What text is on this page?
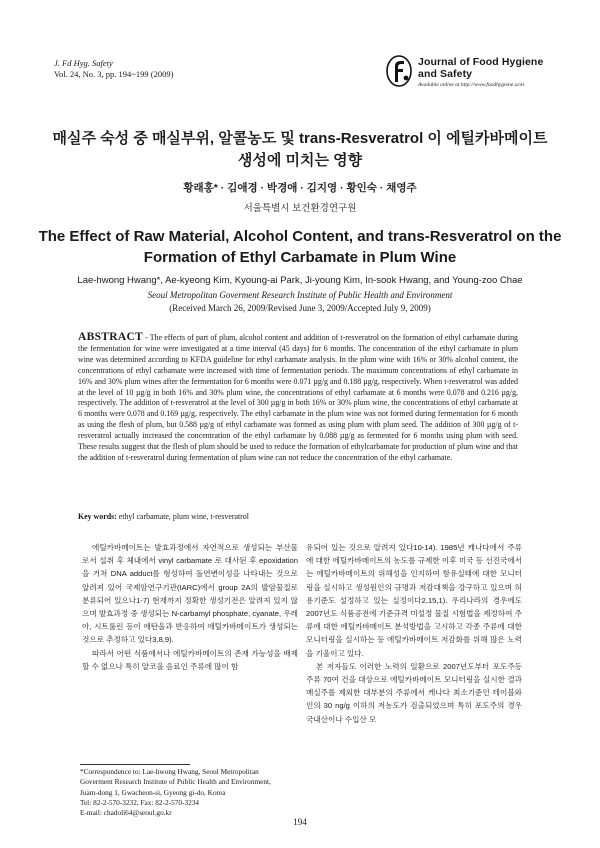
J. Fd Hyg. Safety
Vol. 24, No. 3, pp. 194~199 (2009)
Journal of Food Hygiene
and Safety
Available online at http://www.foodhygiene.or.kr
매실주 숙성 중 매실부위, 알콜농도 및 trans-Resveratrol 이 에틸카바메이트
생성에 미치는 영향
황래홍* · 김애경 · 박경애 · 김지영 · 황인숙 · 채영주
서울특별시 보건환경연구원
The Effect of Raw Material, Alcohol Content, and trans-Resveratrol on the
Formation of Ethyl Carbamate in Plum Wine
Lae-hwong Hwang*, Ae-kyeong Kim, Kyoung-ai Park, Ji-young Kim, In-sook Hwang, and Young-zoo Chae
Seoul Metropolitan Goverment Research Institute of Public Health and Environment
(Received March 26, 2009/Revised June 3, 2009/Accepted July 9, 2009)
ABSTRACT - The effects of part of plum, alcohol content and addition of t-resveratrol on the formation of ethyl carbamate during the fermentation for wine were investigated at a time interval (45 days) for 6 months. The concentration of the ethyl carbamate in plum wine was determined according to KFDA guideline for ethyl carbamate analysis. In the plum wine with 16% or 30% alcohol content, the concentrations of ethyl carbamate were increased with time of fermentation periods. The maximum concentrations of ethyl carbamate in 16% and 30% plum wines after the fermentation for 6 months were 0.071 µg/g and 0.188 µg/g, respectively. When t-resveratrol was added at the level of 10 µg/g in both 16% and 30% plum wine, the concentrations of ethyl carbamate at 6 months were 0.078 and 0.216 µg/g, respectively. The addition of t-resveratrol at the level of 300 µg/g in both 16% or 30% plum wine, the concentrations of ethyl carbamate at 6 months were 0.078 and 0.169 µg/g, respectively. The ethyl carbamate in the plum wine was not formed during fermentation for 6 month as using the flesh of plum, but 0.588 µg/g of ethyl carbamate was formed as using plum with plum seed. The addition of 300 µg/g of t-resveratrol actually increased the concentration of the ethyl carbamate by 0.088 µg/g as fermented for 6 months using plum with seed. These results suggest that the flesh of plum should be used to reduce the formation of ethylcarbamate for production of plum wine and that the addition of t-resveratrol during fermentation of plum wine can not reduce the concentration of the ethyl carbamate.
Key words: ethyl carbamate, plum wine, t-resveratrol

에틸카바메이트는 발효과정에서 자연적으로 생성되는 부산물로서 섭취 후 체내에서 vinyl carbamate 로 대사된 후 epoxidation을 거쳐 DNA adduct를 형성하여 돌연변이성을 나타내는 것으로 알려져 있어 국제암연구기관(IARC)에서 group 2A의 발암물질로 분류되어 있으나1-7) 현재까지 정확한 생성기전은 알려져 있지 않으며 발효과정 중 생성되는 N-carbamyl phosphate, cyanate, 우레아, 시트룰린 등이 에탄올과 반응하여 에틸카바메이트가 생성되는 것으로 추정하고 있다3,8,9).

따라서 어떤 식품에서나 에틸카바메이트의 존재 가능성을 배제할 수 없으나 특히 알코올 음료인 주류에 많이 함

유되어 있는 것으로 알려져 있다10-14). 1985년 캐나다에서 주류에 대한 에틸카바메이트의 농도를 규제한 이후 미국 등 선진국에서는 에틸카바메이트의 위해성을 인지하여 함유실태에 대한 모니터링을 실시하고 생성원인의 규명과 저감대책을 강구하고 있으며 허용기준도 설정하고 있는 실정이다2,15,1). 우리나라의 경우에도 2007년도 식품공전에 기준규격 미설정 물질 시험법을 제정하여 주류에 대한 에틸카바메이트 분석방법을 고시하고 각종 주류에 대한 모니터링을 실시하는 등 에틸카바메이트 저감화를 위해 많은 노력을 기울이고 있다.

본 저자들도 이러한 노력의 일환으로 2007년도부터 포도주등 주류 70여 건을 대상으로 에틸카바메이트 모니터링을 실시한 결과 매실주를 제외한 대부분의 주류에서 캐나다 최소기준인 테이블와인의 30 ng/g 이하의 저농도가 검출되었으며 특히 포도주의 경우 국내산이나 수입산 모

*Correspondence to: Lae-hwong Hwang, Seoul Metropolitan
Goverment Research Institute of Public Health and Environment,
Juam-dong 1, Gwacheon-si, Gyeong gi-do, Korea
Tel: 82-2-570-3232, Fax: 82-2-570-3234
E-mail: chadoli64@seoul.go.kr
194
